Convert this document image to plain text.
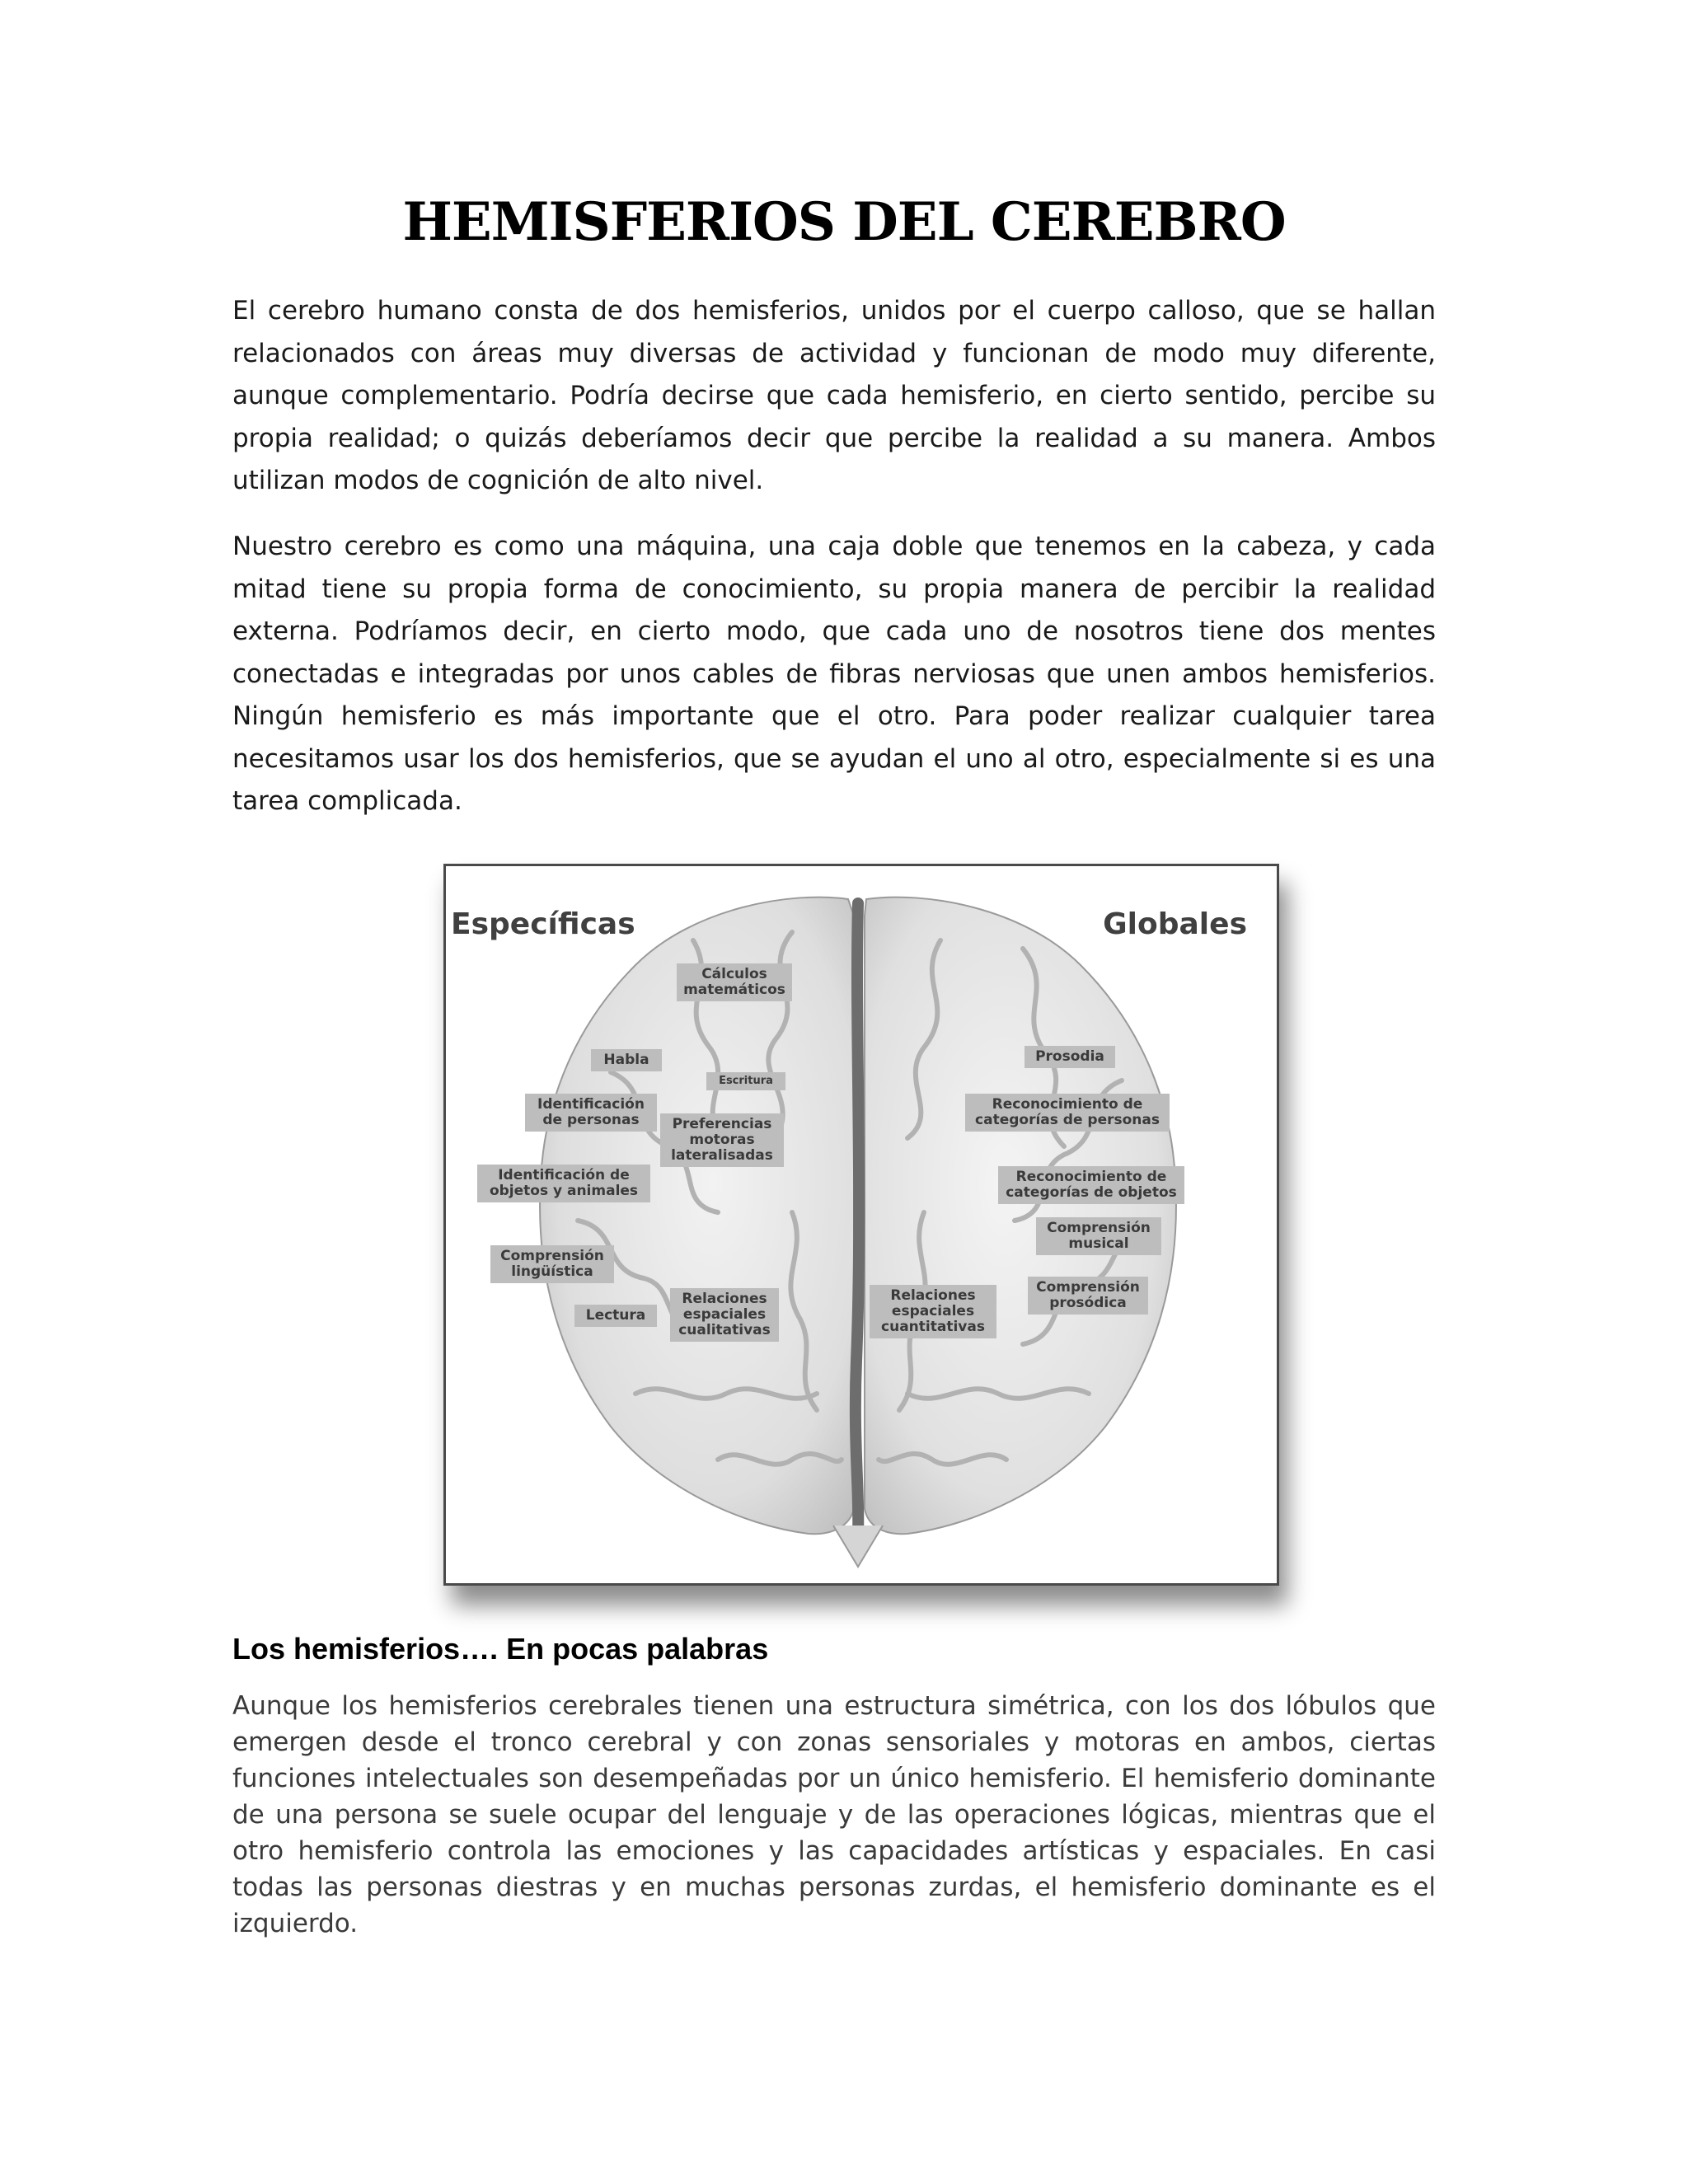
HEMISFERIOS DEL CEREBRO

El cerebro humano consta de dos hemisferios, unidos por el cuerpo calloso, que se hallan relacionados con áreas muy diversas de actividad y funcionan de modo muy diferente, aunque complementario. Podría decirse que cada hemisferio, en cierto sentido, percibe su propia realidad; o quizás deberíamos decir que percibe la realidad a su manera. Ambos utilizan modos de cognición de alto nivel.

Nuestro cerebro es como una máquina, una caja doble que tenemos en la cabeza, y cada mitad tiene su propia forma de conocimiento, su propia manera de percibir la realidad externa. Podríamos decir, en cierto modo, que cada uno de nosotros tiene dos mentes conectadas e integradas por unos cables de fibras nerviosas que unen ambos hemisferios. Ningún hemisferio es más importante que el otro. Para poder realizar cualquier tarea necesitamos usar los dos hemisferios, que se ayudan el uno al otro, especialmente si es una tarea complicada.

Específicas	Globales
Cálculos
matemáticos
Habla
Escritura
Identificación
de personas	Preferencias
motoras
lateralisadas
Identificación de
objetos y animales
Comprensión
lingüística
Lectura
Relaciones
espaciales
cualitativas
Prosodia
Reconocimiento de
categorías de personas
Reconocimiento de
categorías de objetos
Comprensión
musical
Comprensión
prosódica
Relaciones
espaciales
cuantitativas
Los hemisferios…. En pocas palabras

Aunque los hemisferios cerebrales tienen una estructura simétrica, con los dos lóbulos que emergen desde el tronco cerebral y con zonas sensoriales y motoras en ambos, ciertas funciones intelectuales son desempeñadas por un único hemisferio. El hemisferio dominante de una persona se suele ocupar del lenguaje y de las operaciones lógicas, mientras que el otro hemisferio controla las emociones y las capacidades artísticas y espaciales. En casi todas las personas diestras y en muchas personas zurdas, el hemisferio dominante es el izquierdo.
